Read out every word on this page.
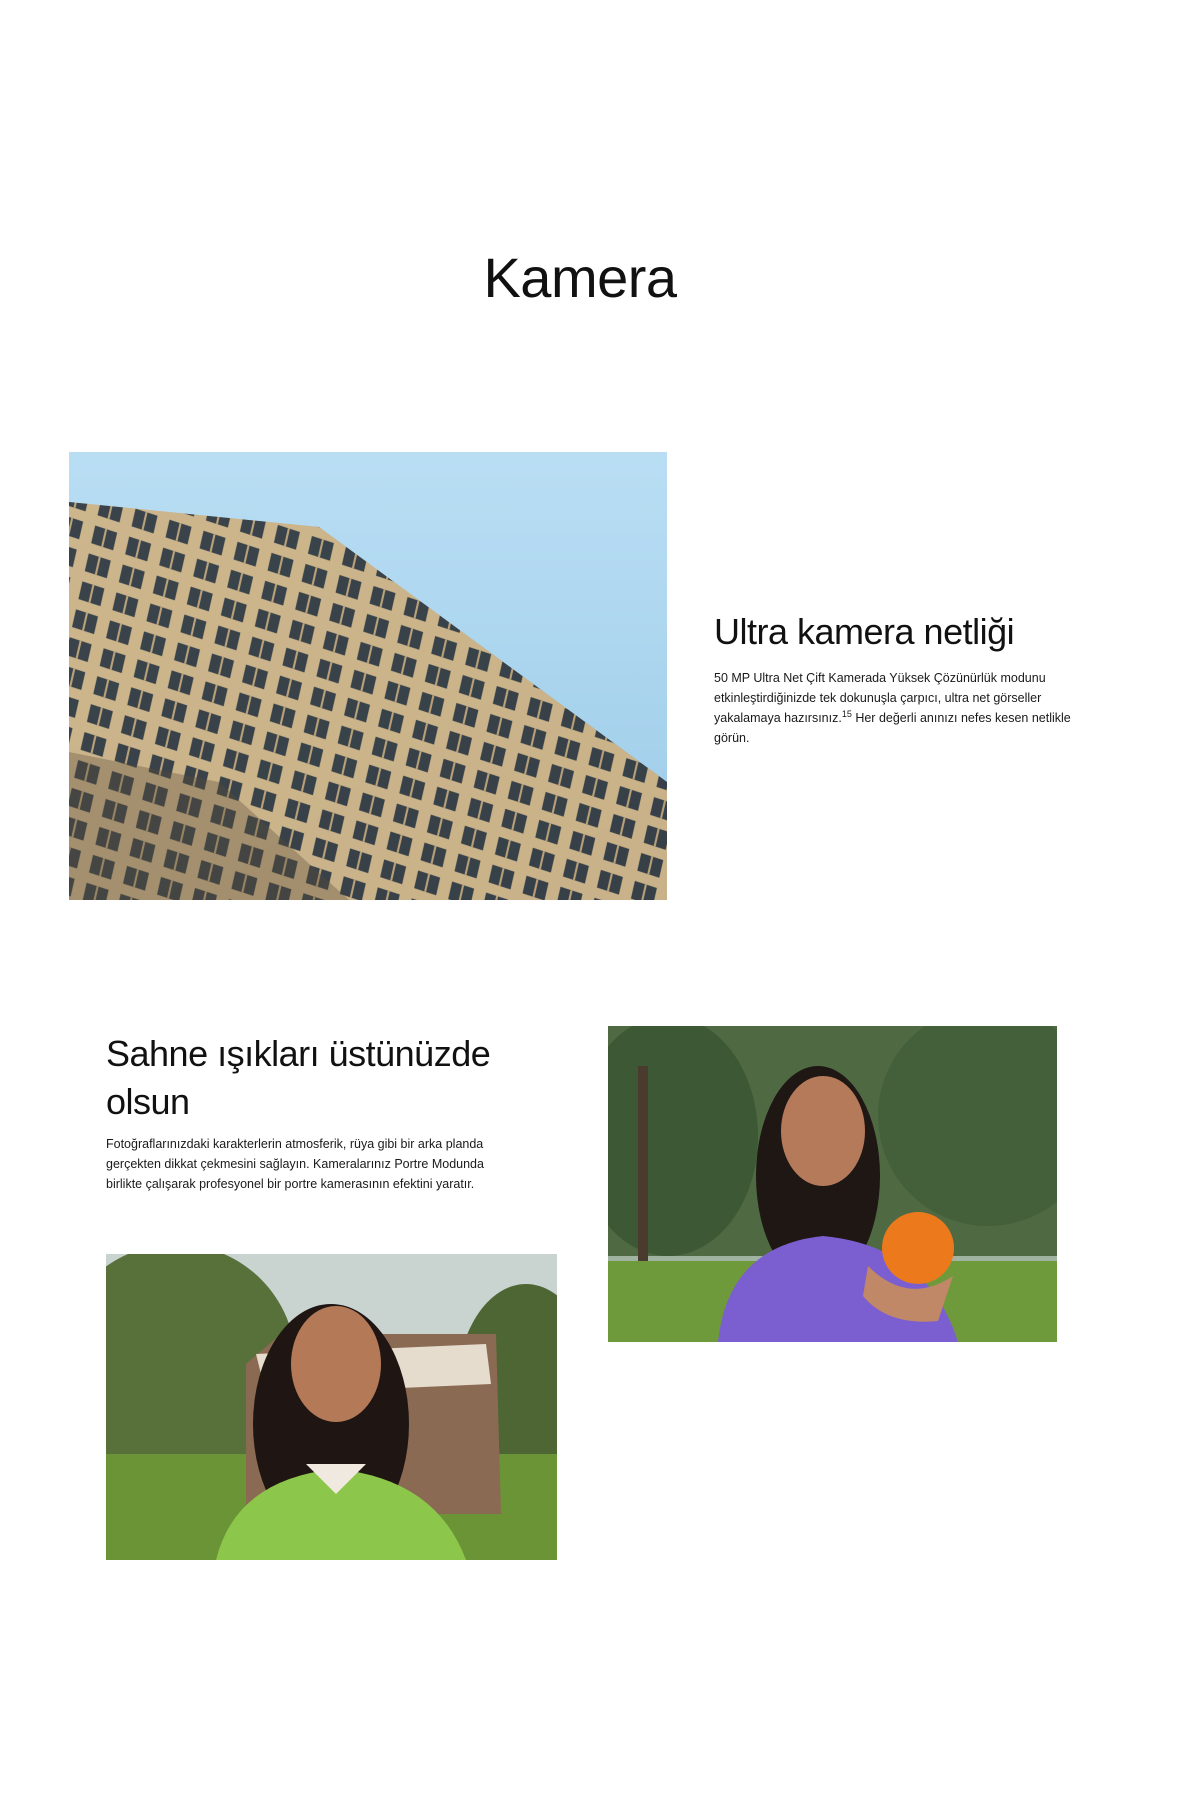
Kamera
Ultra kamera netliği

50 MP Ultra Net Çift Kamerada Yüksek Çözünürlük modunu etkinleştirdiğinizde tek dokunuşla çarpıcı, ultra net görseller yakalamaya hazırsınız.$^{15}$ Her değerli anınızı nefes kesen netlikle görün.

Sahne ışıkları üstünüzde olsun

Fotoğraflarınızdaki karakterlerin atmosferik, rüya gibi bir arka planda gerçekten dikkat çekmesini sağlayın. Kameralarınız Portre Modunda birlikte çalışarak profesyonel bir portre kamerasının efektini yaratır.
